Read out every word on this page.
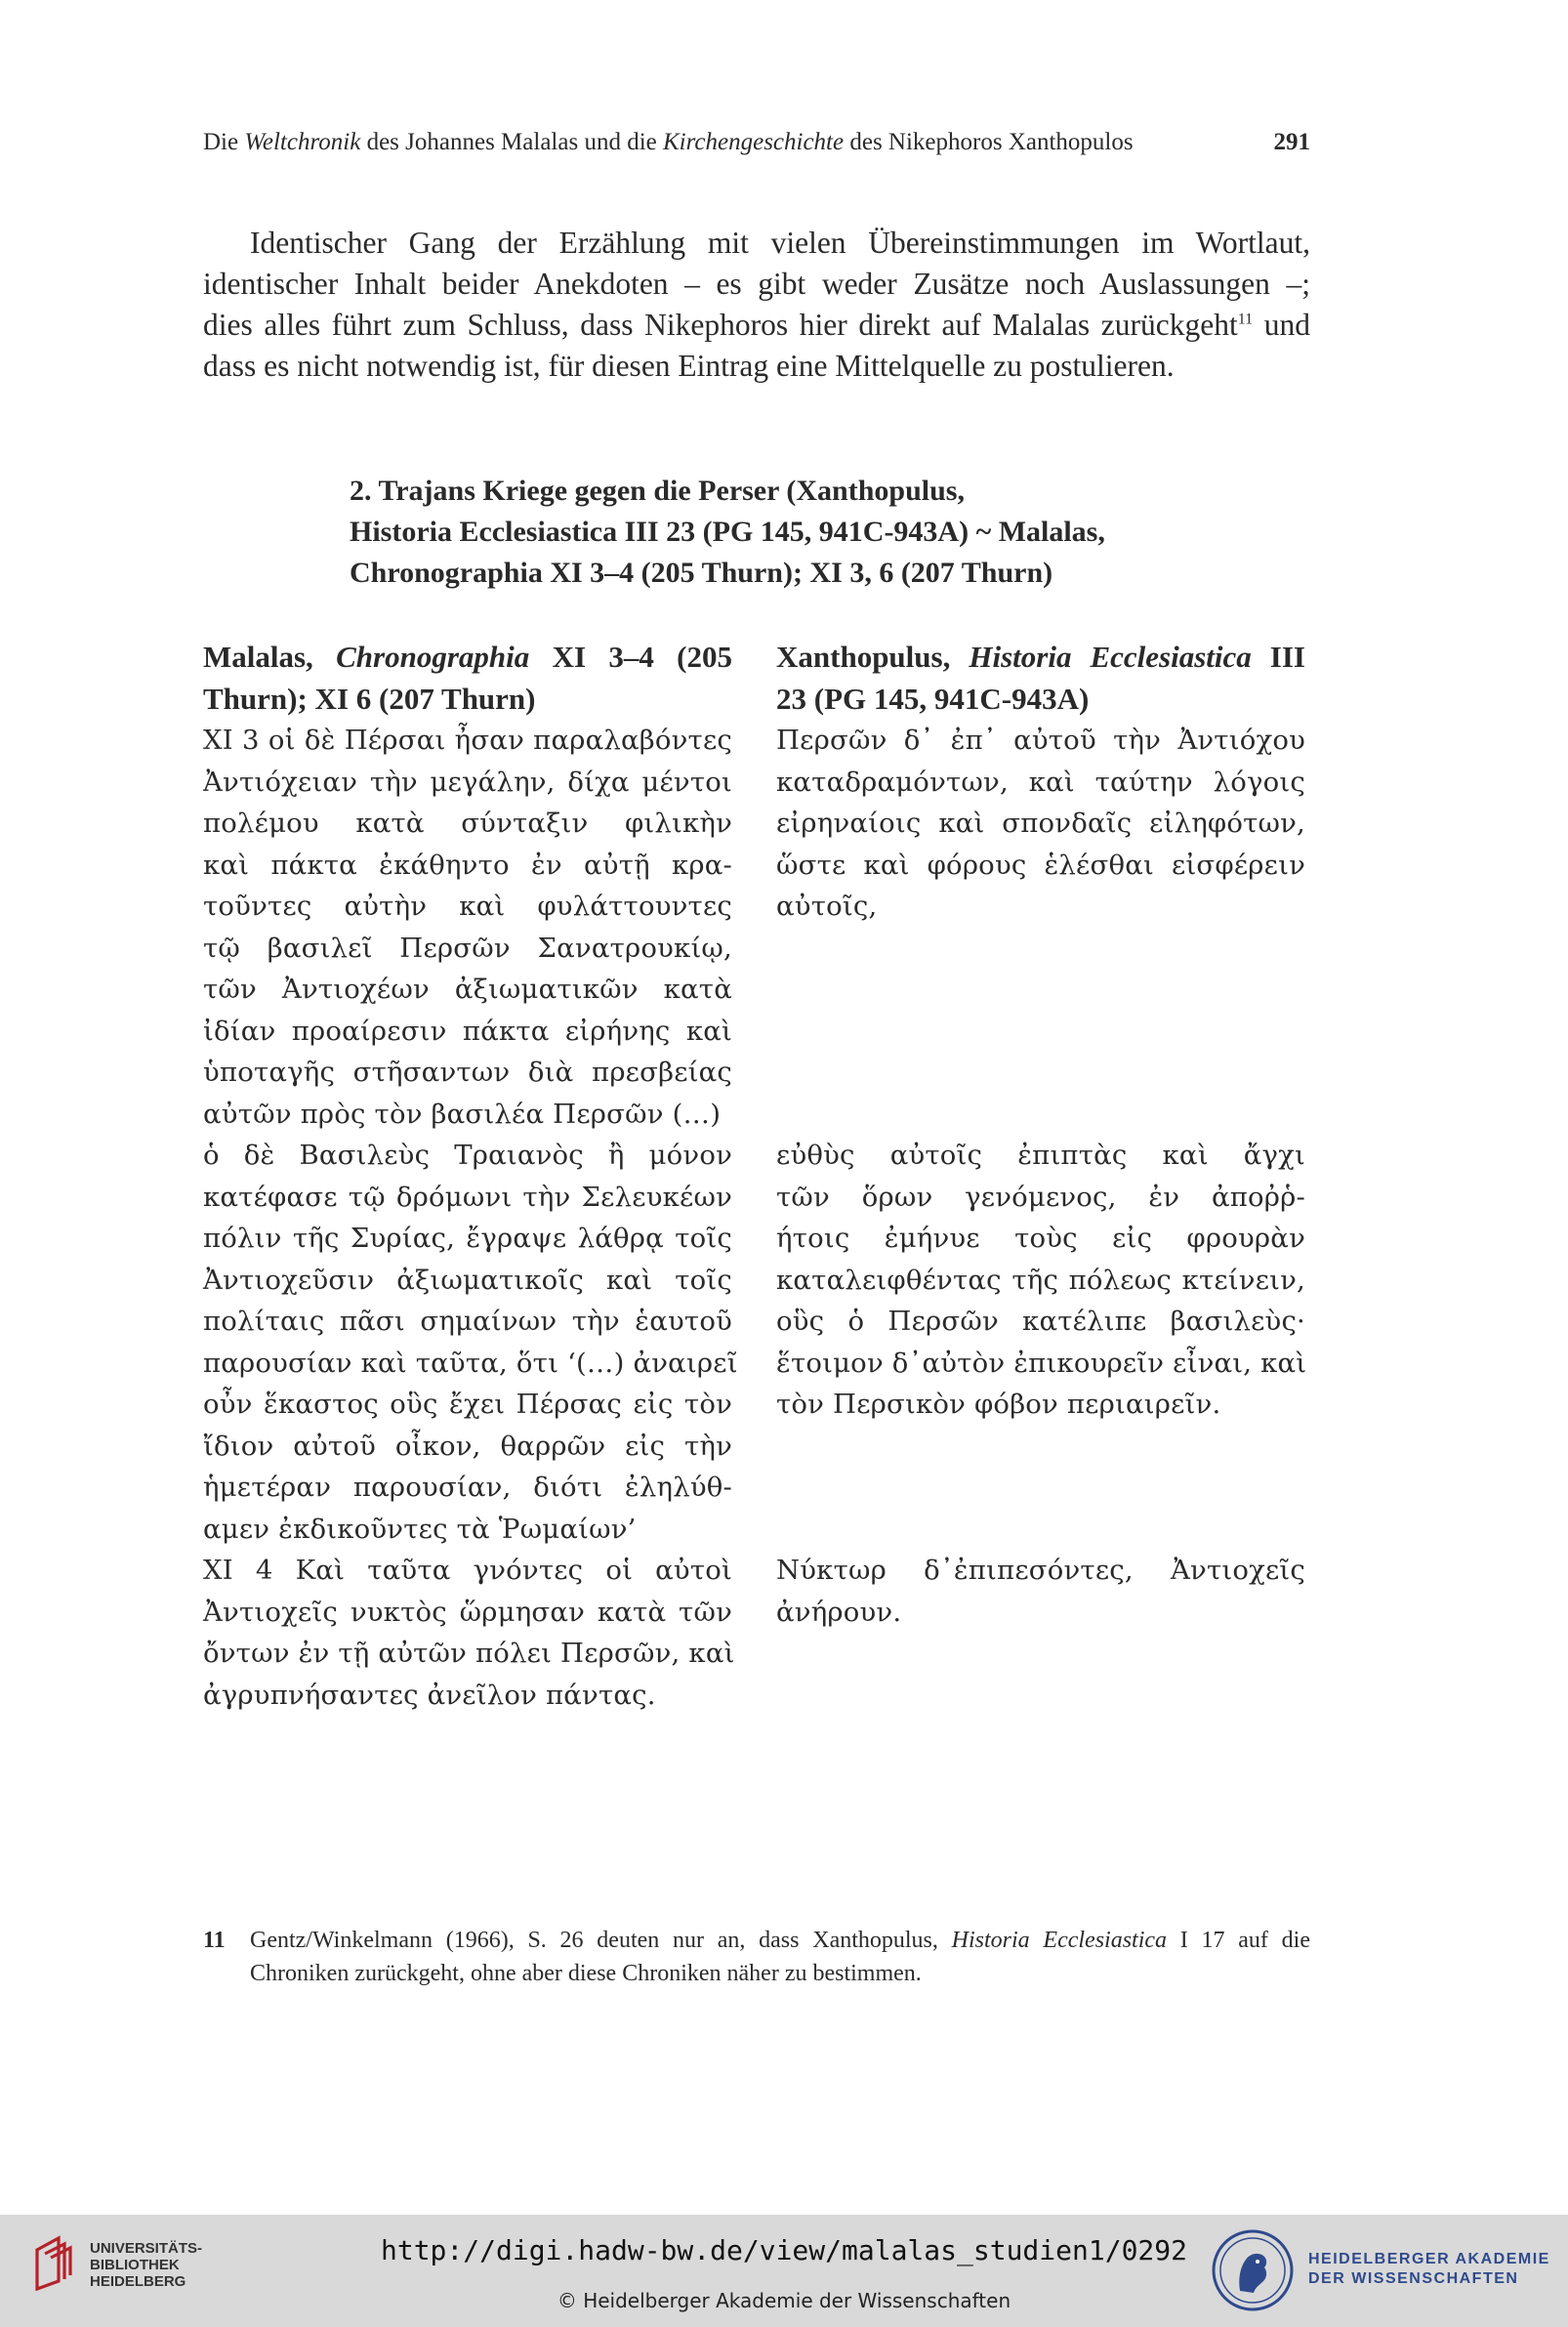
Die Weltchronik des Johannes Malalas und die Kirchengeschichte des Nikephoros Xanthopulos	291
Identischer Gang der Erzählung mit vielen Übereinstimmungen im Wortlaut,
identischer Inhalt beider Anekdoten – es gibt weder Zusätze noch Auslassungen –;
dies alles führt zum Schluss, dass Nikephoros hier direkt auf Malalas zurückgeht$^{11}$ und
dass es nicht notwendig ist, für diesen Eintrag eine Mittelquelle zu postulieren.
2. Trajans Kriege gegen die Perser (Xanthopulus,
Historia Ecclesiastica III 23 (PG 145, 941C-943A) ~ Malalas,
Chronographia XI 3–4 (205 Thurn); XI 3, 6 (207 Thurn)
Malalas, Chronographia XI 3–4 (205
Thurn); XI 6 (207 Thurn)
XI 3 οἱ δὲ Πέρσαι ἦσαν παραλαβόντες
Ἀντιόχειαν τὴν μεγάλην, δίχα μέντοι
πολέμου κατὰ σύνταξιν φιλικὴν
καὶ πάκτα ἐκάθηντο ἐν αὐτῇ κρα-
τοῦντες αὐτὴν καὶ φυλάττουντες
τῷ βασιλεῖ Περσῶν Σανατρουκίῳ,
τῶν Ἀντιοχέων ἀξιωματικῶν κατὰ
ἰδίαν προαίρεσιν πάκτα εἰρήνης καὶ
ὑποταγῆς στῆσαντων διὰ πρεσβείας
αὐτῶν πρὸς τὸν βασιλέα Περσῶν (…)
ὁ δὲ Βασιλεὺς Τραιανὸς ἢ μόνον
κατέφασε τῷ δρόμωνι τὴν Σελευκέων
πόλιν τῆς Συρίας, ἔγραψε λάθρᾳ τοῖς
Ἀντιοχεῦσιν ἀξιωματικοῖς καὶ τοῖς
πολίταις πᾶσι σημαίνων τὴν ἑαυτοῦ
παρουσίαν καὶ ταῦτα, ὅτι ‘(…) ἀναιρεῖ
οὖν ἕκαστος οὓς ἔχει Πέρσας εἰς τὸν
ἴδιον αὐτοῦ οἶκον, θαρρῶν εἰς τὴν
ἡμετέραν παρουσίαν, διότι ἐληλύθ-
αμεν ἐκδικοῦντες τὰ Ῥωμαίων’
XI 4 Καὶ ταῦτα γνόντες οἱ αὐτοὶ
Ἀντιοχεῖς νυκτὸς ὥρμησαν κατὰ τῶν
ὄντων ἐν τῇ αὐτῶν πόλει Περσῶν, καὶ
ἀγρυπνήσαντες ἀνεῖλον πάντας.
Xanthopulus, Historia Ecclesiastica III
23 (PG 145, 941C-943A)
Περσῶν δ᾽ ἐπ᾽ αὐτοῦ τὴν Ἀντιόχου
καταδραμόντων, καὶ ταύτην λόγοις
εἰρηναίοις καὶ σπονδαῖς εἰληφότων,
ὥστε καὶ φόρους ἑλέσθαι εἰσφέρειν
αὐτοῖς,
εὐθὺς αὐτοῖς ἐπιπτὰς καὶ ἄγχι
τῶν ὅρων γενόμενος, ἐν ἀποῤῥ-
ήτοις ἐμήνυε τοὺς εἰς φρουρὰν
καταλειφθέντας τῆς πόλεως κτείνειν,
οὓς ὁ Περσῶν κατέλιπε βασιλεὺς·
ἕτοιμον δ᾽αὐτὸν ἐπικουρεῖν εἶναι, καὶ
τὸν Περσικὸν φόβον περιαιρεῖν.
Νύκτωρ δ᾽ἐπιπεσόντες, Ἀντιοχεῖς
ἀνήρουν.
11 Gentz/Winkelmann (1966), S. 26 deuten nur an, dass Xanthopulus, Historia Ecclesiastica I 17 auf die
Chroniken zurückgeht, ohne aber diese Chroniken näher zu bestimmen.
UNIVERSITÄTS-
BIBLIOTHEK
HEIDELBERG
http://digi.hadw-bw.de/view/malalas_studien1/0292
© Heidelberger Akademie der Wissenschaften
HEIDELBERGER AKADEMIE
DER WISSENSCHAFTEN
